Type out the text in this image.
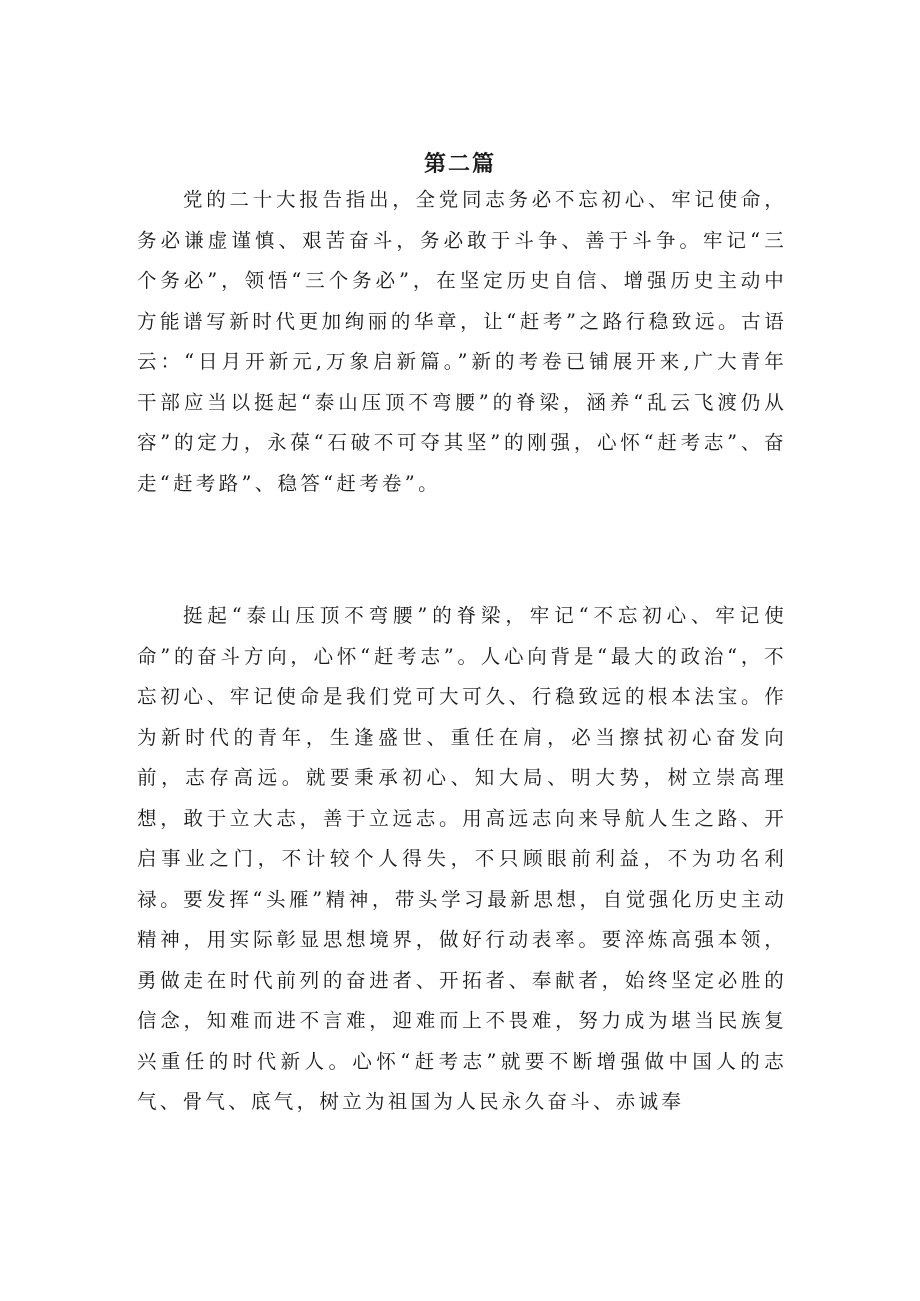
第二篇

党的二十大报告指出，全党同志务必不忘初心、牢记使命，务必谦虚谨慎、艰苦奋斗，务必敢于斗争、善于斗争。牢记“三个务必”，领悟“三个务必”，在坚定历史自信、增强历史主动中方能谱写新时代更加绚丽的华章，让“赶考”之路行稳致远。古语云：“日月开新元,万象启新篇。”新的考卷已铺展开来,广大青年干部应当以挺起“泰山压顶不弯腰”的脊梁，涵养“乱云飞渡仍从容”的定力，永葆“石破不可夺其坚”的刚强，心怀“赶考志”、奋走“赶考路”、稳答“赶考卷”。

挺起“泰山压顶不弯腰”的脊梁，牢记“不忘初心、牢记使命”的奋斗方向，心怀“赶考志”。人心向背是“最大的政治“，不忘初心、牢记使命是我们党可大可久、行稳致远的根本法宝。作为新时代的青年，生逢盛世、重任在肩，必当擦拭初心奋发向前，志存高远。就要秉承初心、知大局、明大势，树立崇高理想，敢于立大志，善于立远志。用高远志向来导航人生之路、开启事业之门，不计较个人得失，不只顾眼前利益，不为功名利禄。要发挥“头雁”精神，带头学习最新思想，自觉强化历史主动精神，用实际彰显思想境界，做好行动表率。要淬炼高强本领，勇做走在时代前列的奋进者、开拓者、奉献者，始终坚定必胜的信念，知难而进不言难，迎难而上不畏难，努力成为堪当民族复兴重任的时代新人。心怀“赶考志”就要不断增强做中国人的志气、骨气、底气，树立为祖国为人民永久奋斗、赤诚奉
